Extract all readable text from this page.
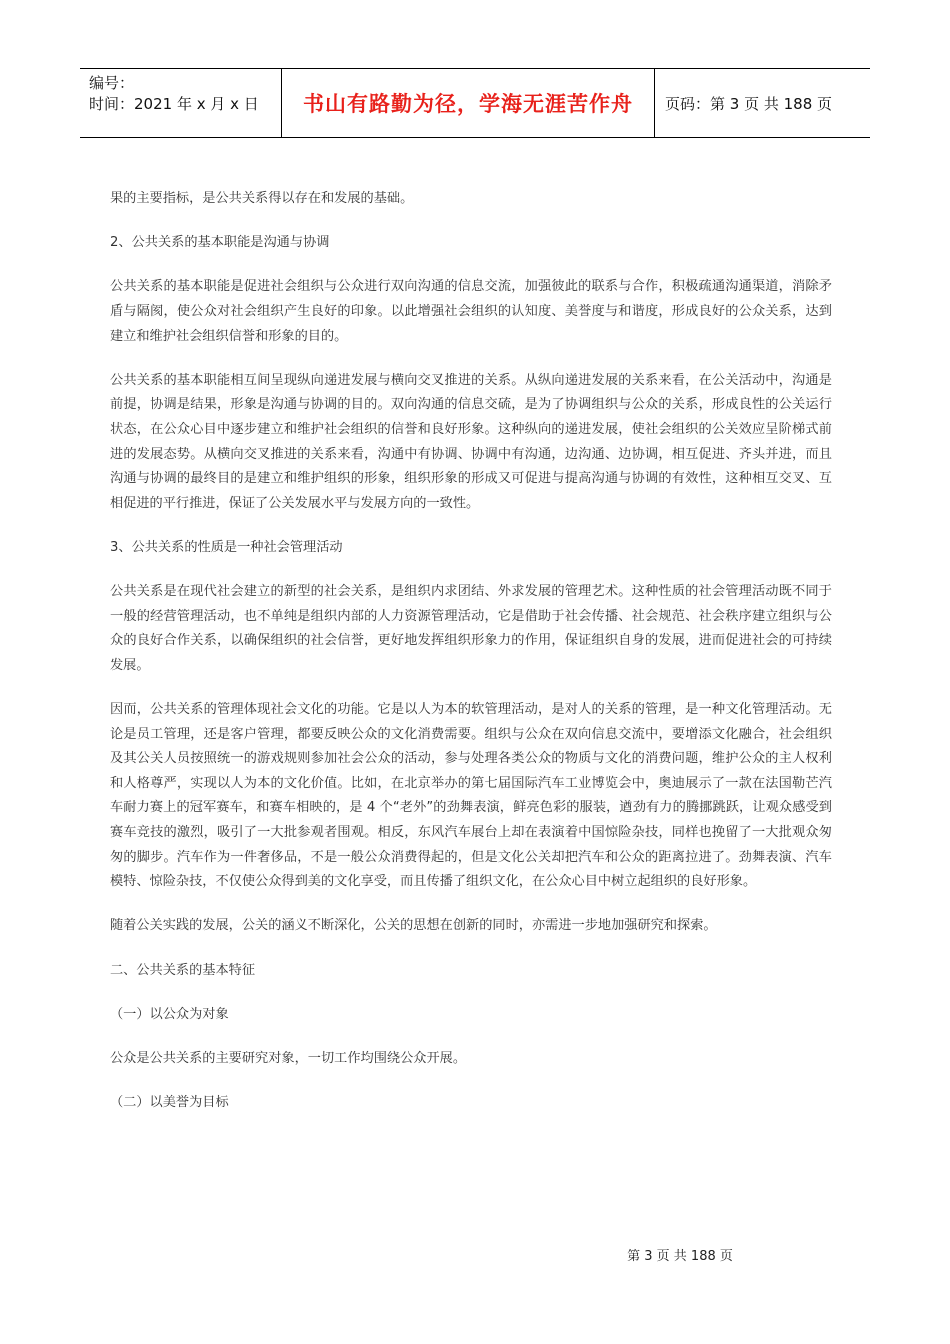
编号：
时间：2021 年 x 月 x 日	书山有路勤为径，学海无涯苦作舟	页码：第 3 页 共 188 页

果的主要指标，是公共关系得以存在和发展的基础。

2、公共关系的基本职能是沟通与协调

公共关系的基本职能是促进社会组织与公众进行双向沟通的信息交流，加强彼此的联系与合作，积极疏通沟通渠道，消除矛盾与隔阂，使公众对社会组织产生良好的印象。以此增强社会组织的认知度、美誉度与和谐度，形成良好的公众关系，达到建立和维护社会组织信誉和形象的目的。

公共关系的基本职能相互间呈现纵向递进发展与横向交叉推进的关系。从纵向递进发展的关系来看，在公关活动中，沟通是前提，协调是结果，形象是沟通与协调的目的。双向沟通的信息交硫，是为了协调组织与公众的关系，形成良性的公关运行状态，在公众心目中逐步建立和维护社会组织的信誉和良好形象。这种纵向的递进发展，使社会组织的公关效应呈阶梯式前进的发展态势。从横向交叉推进的关系来看，沟通中有协调、协调中有沟通，边沟通、边协调，相互促进、齐头并进，而且沟通与协调的最终目的是建立和维护组织的形象，组织形象的形成又可促进与提高沟通与协调的有效性，这种相互交叉、互相促进的平行推进，保证了公关发展水平与发展方向的一致性。

3、公共关系的性质是一种社会管理活动

公共关系是在现代社会建立的新型的社会关系，是组织内求团结、外求发展的管理艺术。这种性质的社会管理活动既不同于一般的经营管理活动，也不单纯是组织内部的人力资源管理活动，它是借助于社会传播、社会规范、社会秩序建立组织与公众的良好合作关系，以确保组织的社会信誉，更好地发挥组织形象力的作用，保证组织自身的发展，进而促进社会的可持续发展。

因而，公共关系的管理体现社会文化的功能。它是以人为本的软管理活动，是对人的关系的管理，是一种文化管理活动。无论是员工管理，还是客户管理，都要反映公众的文化消费需要。组织与公众在双向信息交流中，要增添文化融合，社会组织及其公关人员按照统一的游戏规则参加社会公众的活动，参与处理各类公众的物质与文化的消费问题，维护公众的主人权利和人格尊严，实现以人为本的文化价值。比如，在北京举办的第七届国际汽车工业博览会中，奥迪展示了一款在法国勒芒汽车耐力赛上的冠军赛车，和赛车相映的，是 4 个“老外”的劲舞表演，鲜亮色彩的服装，遒劲有力的腾挪跳跃，让观众感受到赛车竞技的激烈，吸引了一大批参观者围观。相反，东风汽车展台上却在表演着中国惊险杂技，同样也挽留了一大批观众匆匆的脚步。汽车作为一件奢侈品，不是一般公众消费得起的，但是文化公关却把汽车和公众的距离拉进了。劲舞表演、汽车模特、惊险杂技，不仅使公众得到美的文化享受，而且传播了组织文化，在公众心目中树立起组织的良好形象。

随着公关实践的发展，公关的涵义不断深化，公关的思想在创新的同时，亦需进一步地加强研究和探索。

二、公共关系的基本特征

（一）以公众为对象

公众是公共关系的主要研究对象，一切工作均围绕公众开展。

（二）以美誉为目标

第 3 页 共 188 页
